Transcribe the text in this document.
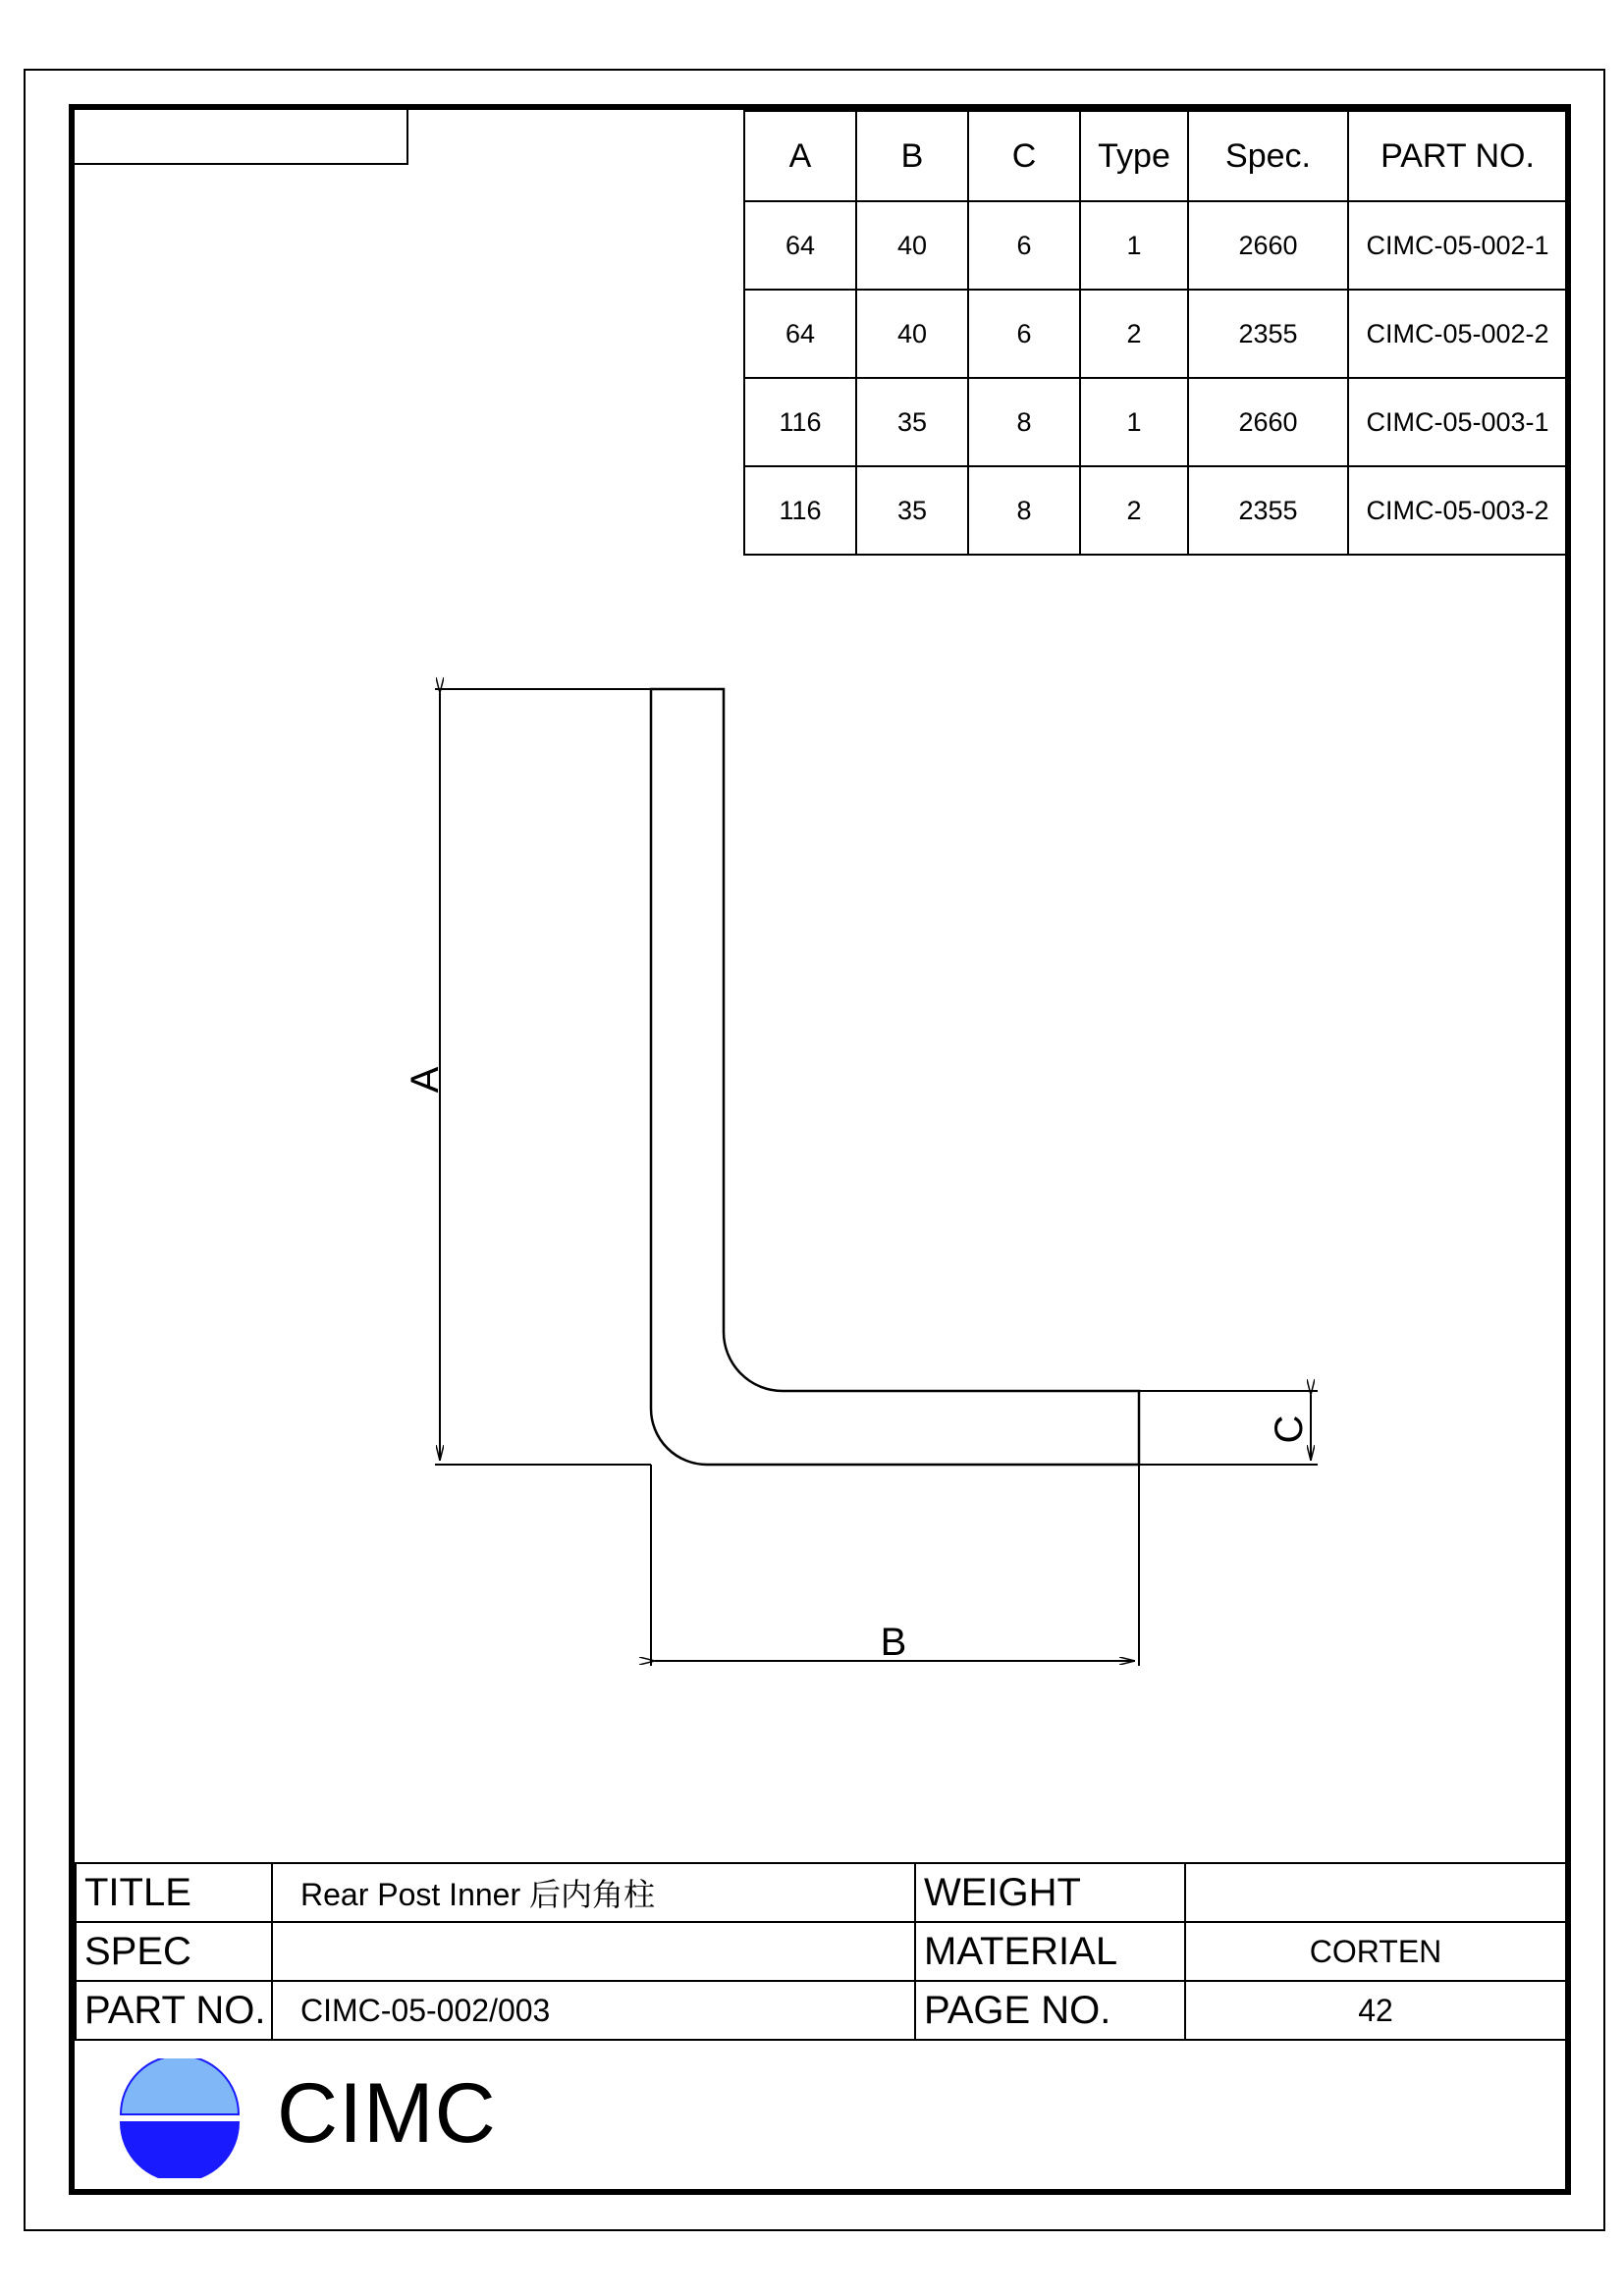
A	B	C	Type	Spec.	PART NO.
64	40	6	1	2660	CIMC-05-002-1
64	40	6	2	2355	CIMC-05-002-2
116	35	8	1	2660	CIMC-05-003-1
116	35	8	2	2355	CIMC-05-003-2
A
B
C
TITLE	Rear Post Inner 后内角柱	WEIGHT	
SPEC		MATERIAL	CORTEN
PART NO.	CIMC-05-002/003	PAGE NO.	42
CIMC
